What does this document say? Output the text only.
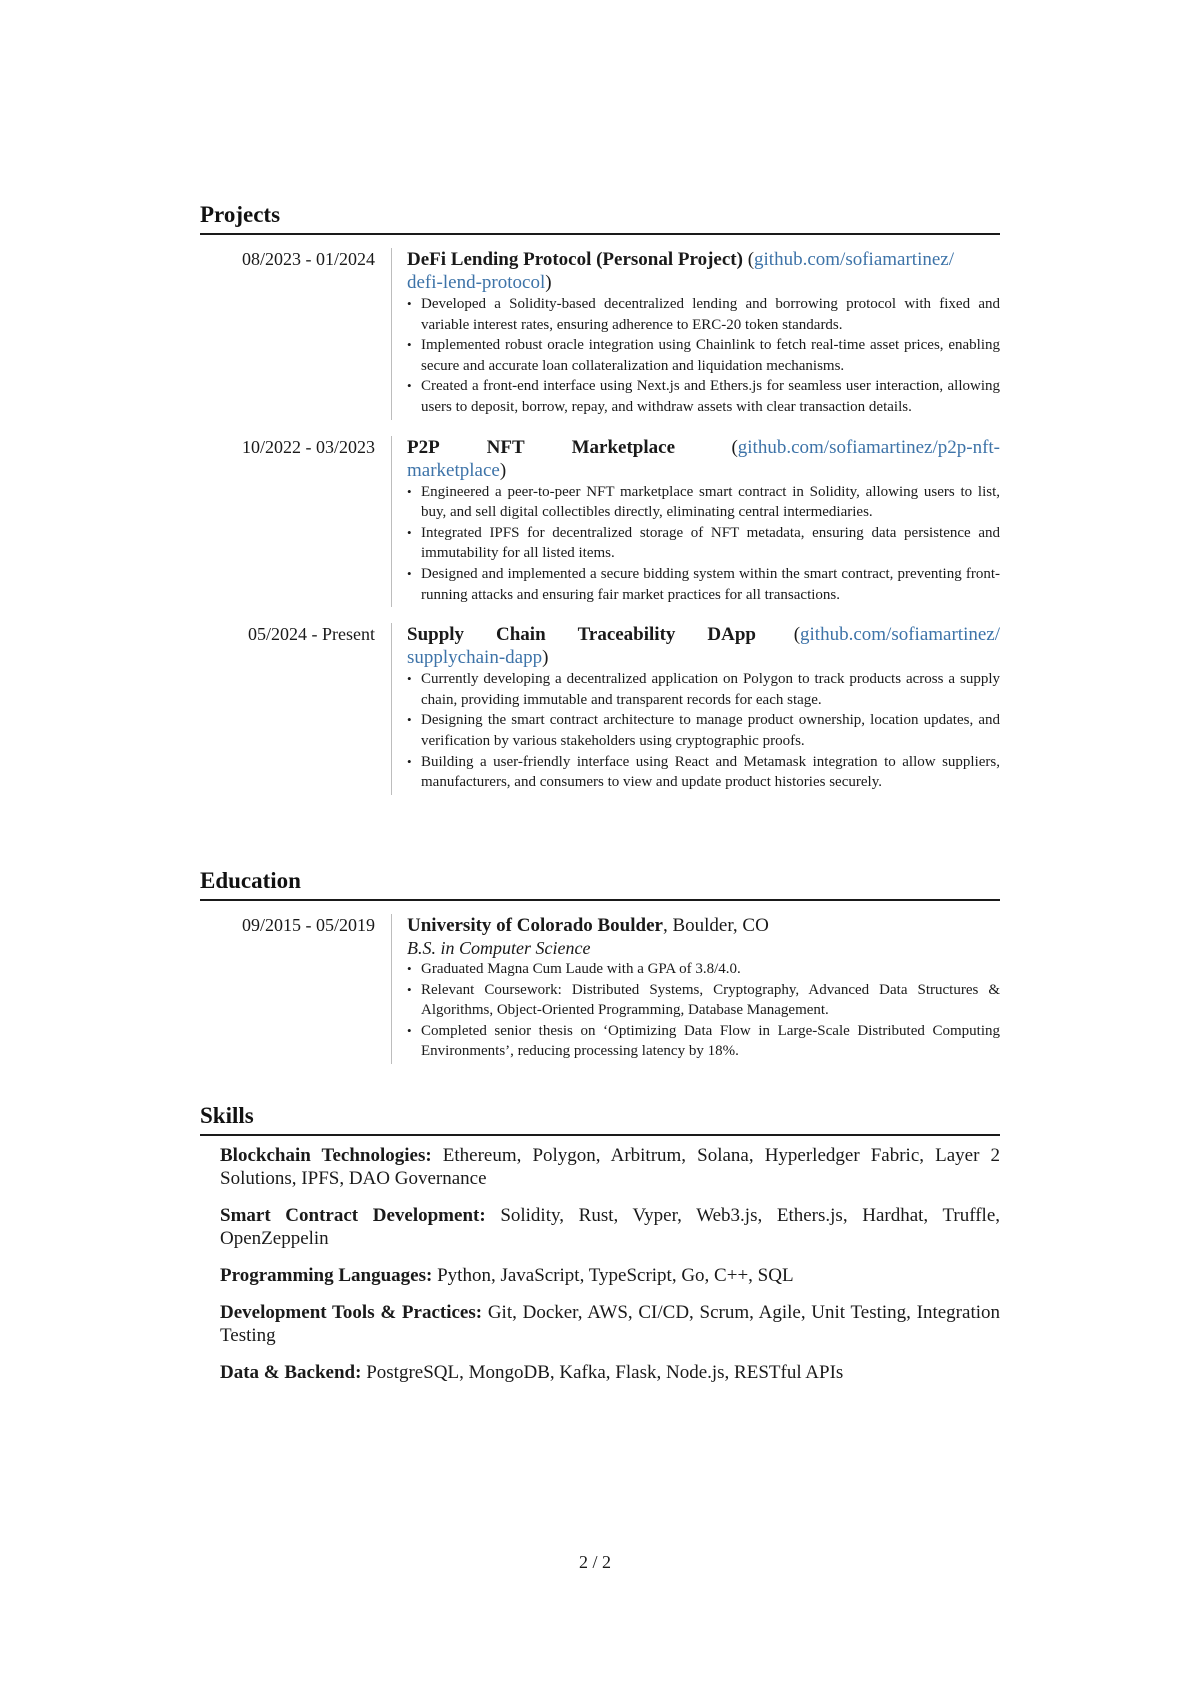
Projects
08/2023 - 01/2024	DeFi Lending Protocol (Personal Project) (github.com/sofiamartinez/
defi-lend-protocol)

• Developed a Solidity-based decentralized lending and borrowing protocol with fixed and variable interest rates, ensuring adherence to ERC-20 token standards.
• Implemented robust oracle integration using Chainlink to fetch real-time asset prices, enabling secure and accurate loan collateralization and liquidation mechanisms.
• Created a front-end interface using Next.js and Ethers.js for seamless user interaction, allowing users to deposit, borrow, repay, and withdraw assets with clear transaction details.
10/2022 - 03/2023	P2P NFT Marketplace	(github.com/sofiamartinez/p2p-nft-
marketplace)

• Engineered a peer-to-peer NFT marketplace smart contract in Solidity, allowing users to list, buy, and sell digital collectibles directly, eliminating central intermediaries.
• Integrated IPFS for decentralized storage of NFT metadata, ensuring data persistence and immutability for all listed items.
• Designed and implemented a secure bidding system within the smart contract, preventing front-running attacks and ensuring fair market practices for all transactions.
05/2024 - Present	Supply Chain Traceability DApp (github.com/sofiamartinez/
supplychain-dapp)

• Currently developing a decentralized application on Polygon to track products across a supply chain, providing immutable and transparent records for each stage.
• Designing the smart contract architecture to manage product ownership, location updates, and verification by various stakeholders using cryptographic proofs.
• Building a user-friendly interface using React and Metamask integration to allow suppliers, manufacturers, and consumers to view and update product histories securely.
Education
09/2015 - 05/2019	University of Colorado Boulder, Boulder, CO

B.S. in Computer Science
• Graduated Magna Cum Laude with a GPA of 3.8/4.0.
• Relevant Coursework: Distributed Systems, Cryptography, Advanced Data Structures & Algorithms, Object-Oriented Programming, Database Management.
• Completed senior thesis on ‘Optimizing Data Flow in Large-Scale Distributed Computing Environments’, reducing processing latency by 18%.
Skills

Blockchain Technologies: Ethereum, Polygon, Arbitrum, Solana, Hyperledger Fabric, Layer 2 Solutions, IPFS, DAO Governance

Smart Contract Development: Solidity, Rust, Vyper, Web3.js, Ethers.js, Hardhat, Truffle, OpenZeppelin

Programming Languages: Python, JavaScript, TypeScript, Go, C++, SQL

Development Tools & Practices: Git, Docker, AWS, CI/CD, Scrum, Agile, Unit Testing, Integration Testing

Data & Backend: PostgreSQL, MongoDB, Kafka, Flask, Node.js, RESTful APIs

2 / 2
